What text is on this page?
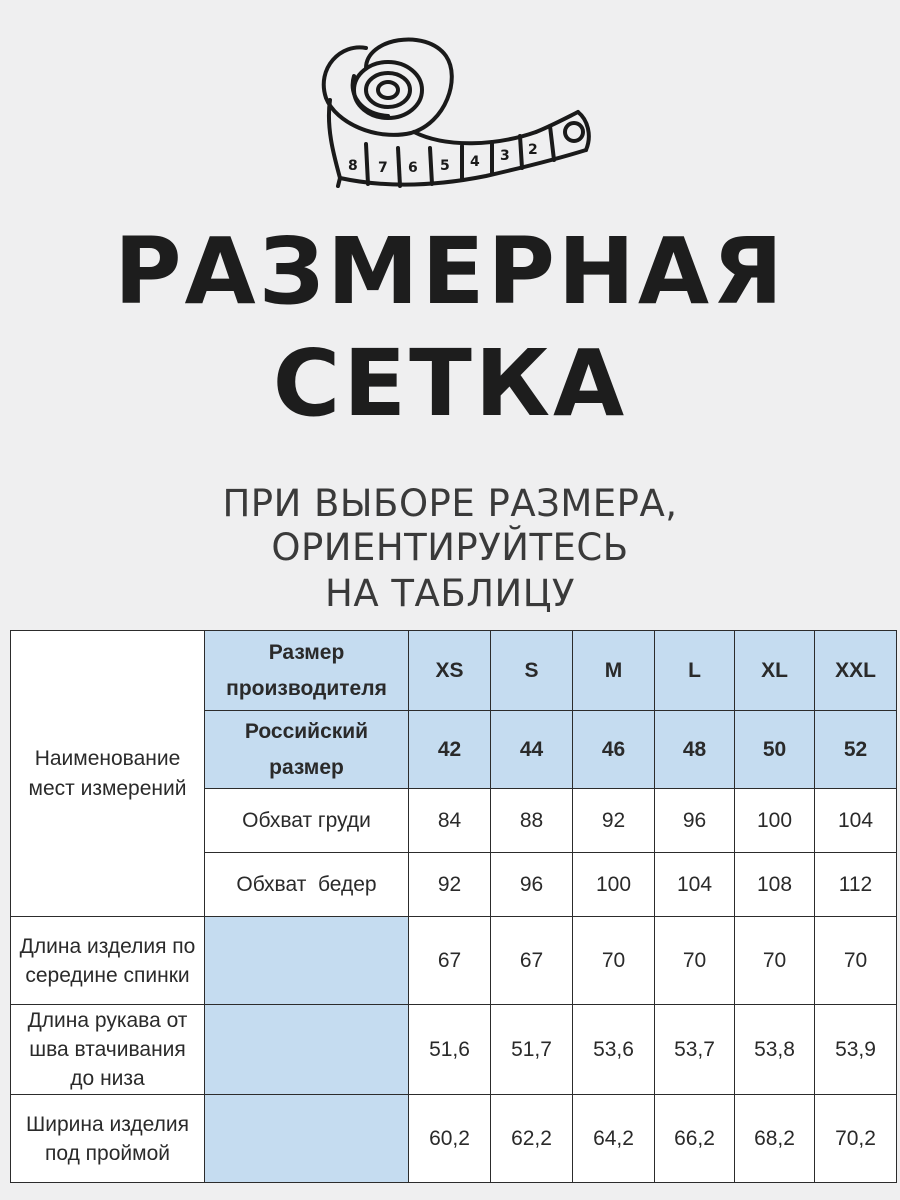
8 7 6 5 4 3 2
РАЗМЕРНАЯ
СЕТКА
ПРИ ВЫБОРЕ РАЗМЕРА,
ОРИЕНТИРУЙТЕСЬ
НА ТАБЛИЦУ
Наименование мест измерений	Размер производителя	XS	S	M	L	XL	XXL
	Российский размер	42	44	46	48	50	52
	Обхват груди	84	88	92	96	100	104
	Обхват  бедер	92	96	100	104	108	112
Длина изделия по середине спинки		67	67	70	70	70	70
Длина рукава от шва втачивания до низа		51,6	51,7	53,6	53,7	53,8	53,9
Ширина изделия под проймой		60,2	62,2	64,2	66,2	68,2	70,2
